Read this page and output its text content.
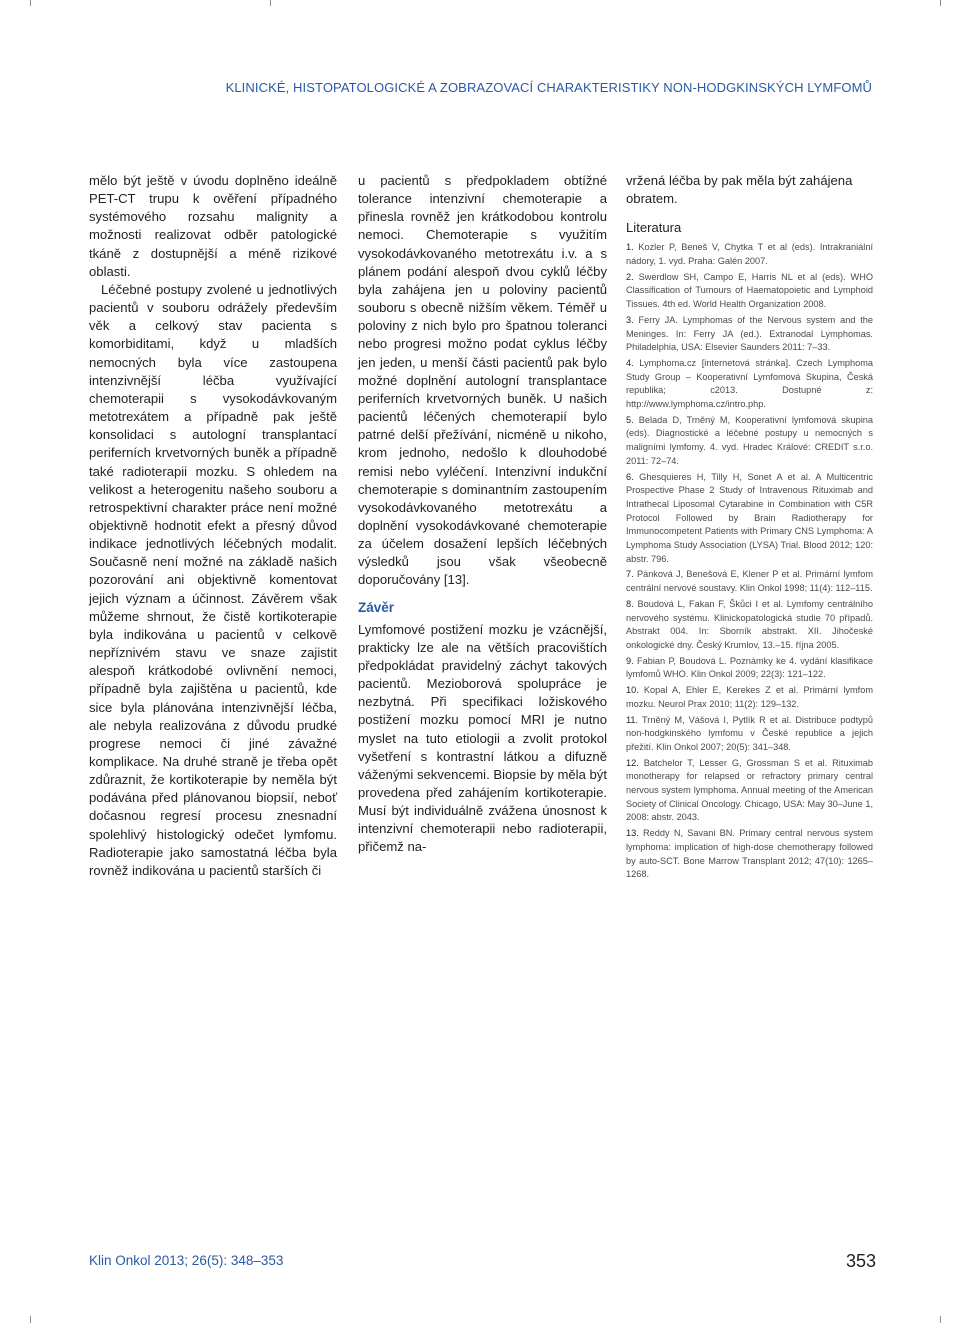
KLINICKÉ, HISTOPATOLOGICKÉ A ZOBRAZOVACÍ CHARAKTERISTIKY NON-HODGKINSKÝCH LYMFOMŮ

mělo být ještě v úvodu doplněno ideálně PET-CT trupu k ověření případného systémového rozsahu malignity a možnosti realizovat odběr patologické tkáně z dostupnější a méně rizikové oblasti.

Léčebné postupy zvolené u jednotlivých pacientů v souboru odrážely především věk a celkový stav pacienta s komorbiditami, když u mladších nemocných byla více zastoupena intenzivnější léčba využívající chemoterapii s vysokodávkovaným metotrexátem a případně pak ještě konsolidaci s autologní transplantací periferních krvetvorných buněk a případně také radioterapii mozku. S ohledem na velikost a heterogenitu našeho souboru a retrospektivní charakter práce není možné objektivně hodnotit efekt a přesný důvod indikace jednotlivých léčebných modalit. Současně není možné na základě našich pozorování ani objektivně komentovat jejich význam a účinnost. Závěrem však můžeme shrnout, že čistě kortikoterapie byla indikována u pacientů v celkově nepříznivém stavu ve snaze zajistit alespoň krátkodobé ovlivnění nemoci, případně byla zajištěna u pacientů, kde sice byla plánována intenzivnější léčba, ale nebyla realizována z důvodu prudké progrese nemoci či jiné závažné komplikace. Na druhé straně je třeba opět zdůraznit, že kortikoterapie by neměla být podávána před plánovanou biopsií, neboť dočasnou regresí procesu znesnadní spolehlivý histologický odečet lymfomu. Radioterapie jako samostatná léčba byla rovněž indikována u pacientů starších či

u pacientů s předpokladem obtížné tolerance intenzivní chemoterapie a přinesla rovněž jen krátkodobou kontrolu nemoci. Chemoterapie s využitím vysokodávkovaného metotrexátu i.v. a s plánem podání alespoň dvou cyklů léčby byla zahájena jen u poloviny pacientů souboru s obecně nižším věkem. Téměř u poloviny z nich bylo pro špatnou toleranci nebo progresi možno podat cyklus léčby jen jeden, u menší části pacientů pak bylo možné doplnění autologní transplantace periferních krvetvorných buněk. U našich pacientů léčených chemoterapií bylo patrné delší přežívání, nicméně u nikoho, krom jednoho, nedošlo k dlouhodobé remisi nebo vyléčení. Intenzivní indukční chemoterapie s dominantním zastoupením vysokodávkovaného metotrexátu a doplnění vysokodávkované chemoterapie za účelem dosažení lepších léčebných výsledků jsou však všeobecně doporučovány [13].

Závěr

Lymfomové postižení mozku je vzácnější, prakticky lze ale na větších pracovištích předpokládat pravidelný záchyt takových pacientů. Mezioborová spolupráce je nezbytná. Při specifikaci ložiskového postižení mozku pomocí MRI je nutno myslet na tuto etiologii a zvolit protokol vyšetření s kontrastní látkou a difuzně váženými sekvencemi. Biopsie by měla být provedena před zahájením kortikoterapie. Musí být individuálně zvážena únosnost k intenzivní chemoterapii nebo radioterapii, přičemž na-

vržená léčba by pak měla být zahájena obratem.

Literatura

1. Kozler P, Beneš V, Chytka T et al (eds). Intrakraniální nádory, 1. vyd. Praha: Galén 2007.

2. Swerdlow SH, Campo E, Harris NL et al (eds). WHO Classification of Tumours of Haematopoietic and Lymphoid Tissues. 4th ed. World Health Organization 2008.

3. Ferry JA. Lymphomas of the Nervous system and the Meninges. In: Ferry JA (ed.). Extranodal Lymphomas. Philadelphia, USA: Elsevier Saunders 2011: 7–33.

4. Lymphoma.cz [internetová stránka]. Czech Lymphoma Study Group – Kooperativní Lymfomová Skupina, Česká republika; c2013. Dostupné z: http://www.lymphoma.cz/intro.php.

5. Belada D, Trněný M, Kooperativní lymfomová skupina (eds). Diagnostické a léčebné postupy u nemocných s maligními lymfomy. 4. vyd. Hradec Králové: CREDIT s.r.o. 2011: 72–74.

6. Ghesquieres H, Tilly H, Sonet A et al. A Multicentric Prospective Phase 2 Study of Intravenous Rituximab and Intrathecal Liposomal Cytarabine in Combination with C5R Protocol Followed by Brain Radiotherapy for Immunocompetent Patients with Primary CNS Lymphoma: A Lymphoma Study Association (LYSA) Trial. Blood 2012; 120: abstr. 796.

7. Pánková J, Benešová E, Klener P et al. Primární lymfom centrální nervové soustavy. Klin Onkol 1998; 11(4): 112–115.

8. Boudová L, Fakan F, Škůci I et al. Lymfomy centrálního nervového systému. Klinickopatologická studie 70 případů. Abstrakt 004. In: Sborník abstrakt. XII. Jihočeské onkologické dny. Český Krumlov, 13.–15. října 2005.

9. Fabian P, Boudová L. Poznámky ke 4. vydání klasifikace lymfomů WHO. Klin Onkol 2009; 22(3): 121–122.

10. Kopal A, Ehler E, Kerekes Z et al. Primární lymfom mozku. Neurol Prax 2010; 11(2): 129–132.

11. Trněný M, Vášová I, Pytlík R et al. Distribuce podtypů non-hodgkinského lymfomu v České republice a jejich přežití. Klin Onkol 2007; 20(5): 341–348.

12. Batchelor T, Lesser G, Grossman S et al. Rituximab monotherapy for relapsed or refractory primary central nervous system lymphoma. Annual meeting of the American Society of Clinical Oncology. Chicago, USA: May 30–June 1, 2008: abstr. 2043.

13. Reddy N, Savani BN. Primary central nervous system lymphoma: implication of high-dose chemotherapy followed by auto-SCT. Bone Marrow Transplant 2012; 47(10): 1265–1268.

Klin Onkol 2013; 26(5): 348–353	353
